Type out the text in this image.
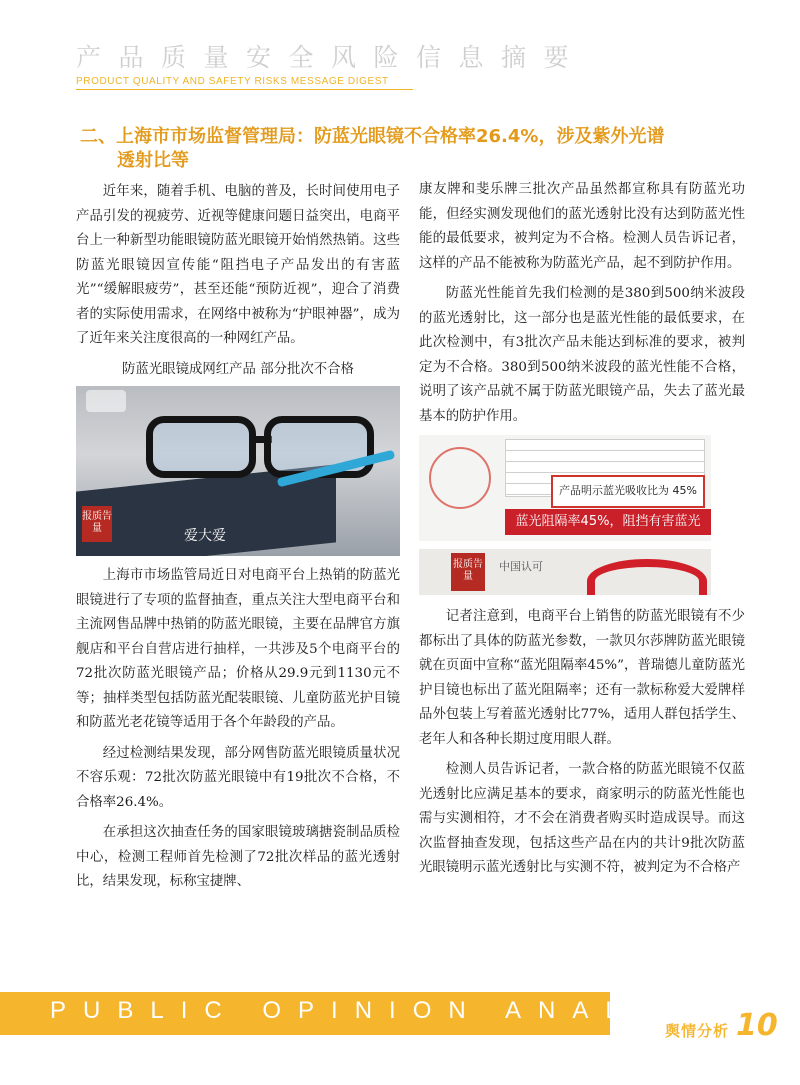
产品质量安全风险信息摘要
PRODUCT QUALITY AND SAFETY RISKS MESSAGE DIGEST
二、上海市市场监督管理局：防蓝光眼镜不合格率26.4%，涉及紫外光谱
透射比等

近年来，随着手机、电脑的普及，长时间使用电子产品引发的视疲劳、近视等健康问题日益突出，电商平台上一种新型功能眼镜防蓝光眼镜开始悄然热销。这些防蓝光眼镜因宣传能“阻挡电子产品发出的有害蓝光”“缓解眼疲劳”，甚至还能“预防近视”，迎合了消费者的实际使用需求，在网络中被称为“护眼神器”，成为了近年来关注度很高的一种网红产品。

防蓝光眼镜成网红产品 部分批次不合格

报质告量	爱大爱

上海市市场监管局近日对电商平台上热销的防蓝光眼镜进行了专项的监督抽查，重点关注大型电商平台和主流网售品牌中热销的防蓝光眼镜，主要在品牌官方旗舰店和平台自营店进行抽样，一共涉及5个电商平台的72批次防蓝光眼镜产品；价格从29.9元到1130元不等；抽样类型包括防蓝光配装眼镜、儿童防蓝光护目镜和防蓝光老花镜等适用于各个年龄段的产品。

经过检测结果发现，部分网售防蓝光眼镜质量状况不容乐观：72批次防蓝光眼镜中有19批次不合格，不合格率26.4%。

在承担这次抽查任务的国家眼镜玻璃搪瓷制品质检中心，检测工程师首先检测了72批次样品的蓝光透射比，结果发现，标称宝捷牌、

康友牌和斐乐牌三批次产品虽然都宣称具有防蓝光功能，但经实测发现他们的蓝光透射比没有达到防蓝光性能的最低要求，被判定为不合格。检测人员告诉记者，这样的产品不能被称为防蓝光产品，起不到防护作用。

防蓝光性能首先我们检测的是380到500纳米波段的蓝光透射比，这一部分也是蓝光性能的最低要求，在此次检测中，有3批次产品未能达到标准的要求，被判定为不合格。380到500纳米波段的蓝光性能不合格，说明了该产品就不属于防蓝光眼镜产品，失去了蓝光最基本的防护作用。

产品明示蓝光吸收比为 45%
蓝光阻隔率45%，阻挡有害蓝光
报质告量
中国认可

记者注意到，电商平台上销售的防蓝光眼镜有不少都标出了具体的防蓝光参数，一款贝尔莎牌防蓝光眼镜就在页面中宣称“蓝光阻隔率45%”，普瑞德儿童防蓝光护目镜也标出了蓝光阻隔率；还有一款标称爱大爱牌样品外包装上写着蓝光透射比77%，适用人群包括学生、老年人和各种长期过度用眼人群。

检测人员告诉记者，一款合格的防蓝光眼镜不仅蓝光透射比应满足基本的要求，商家明示的防蓝光性能也需与实测相符，才不会在消费者购买时造成误导。而这次监督抽查发现，包括这些产品在内的共计9批次防蓝光眼镜明示蓝光透射比与实测不符，被判定为不合格产

PUBLIC OPINION ANALYSIS
舆情分析 10
